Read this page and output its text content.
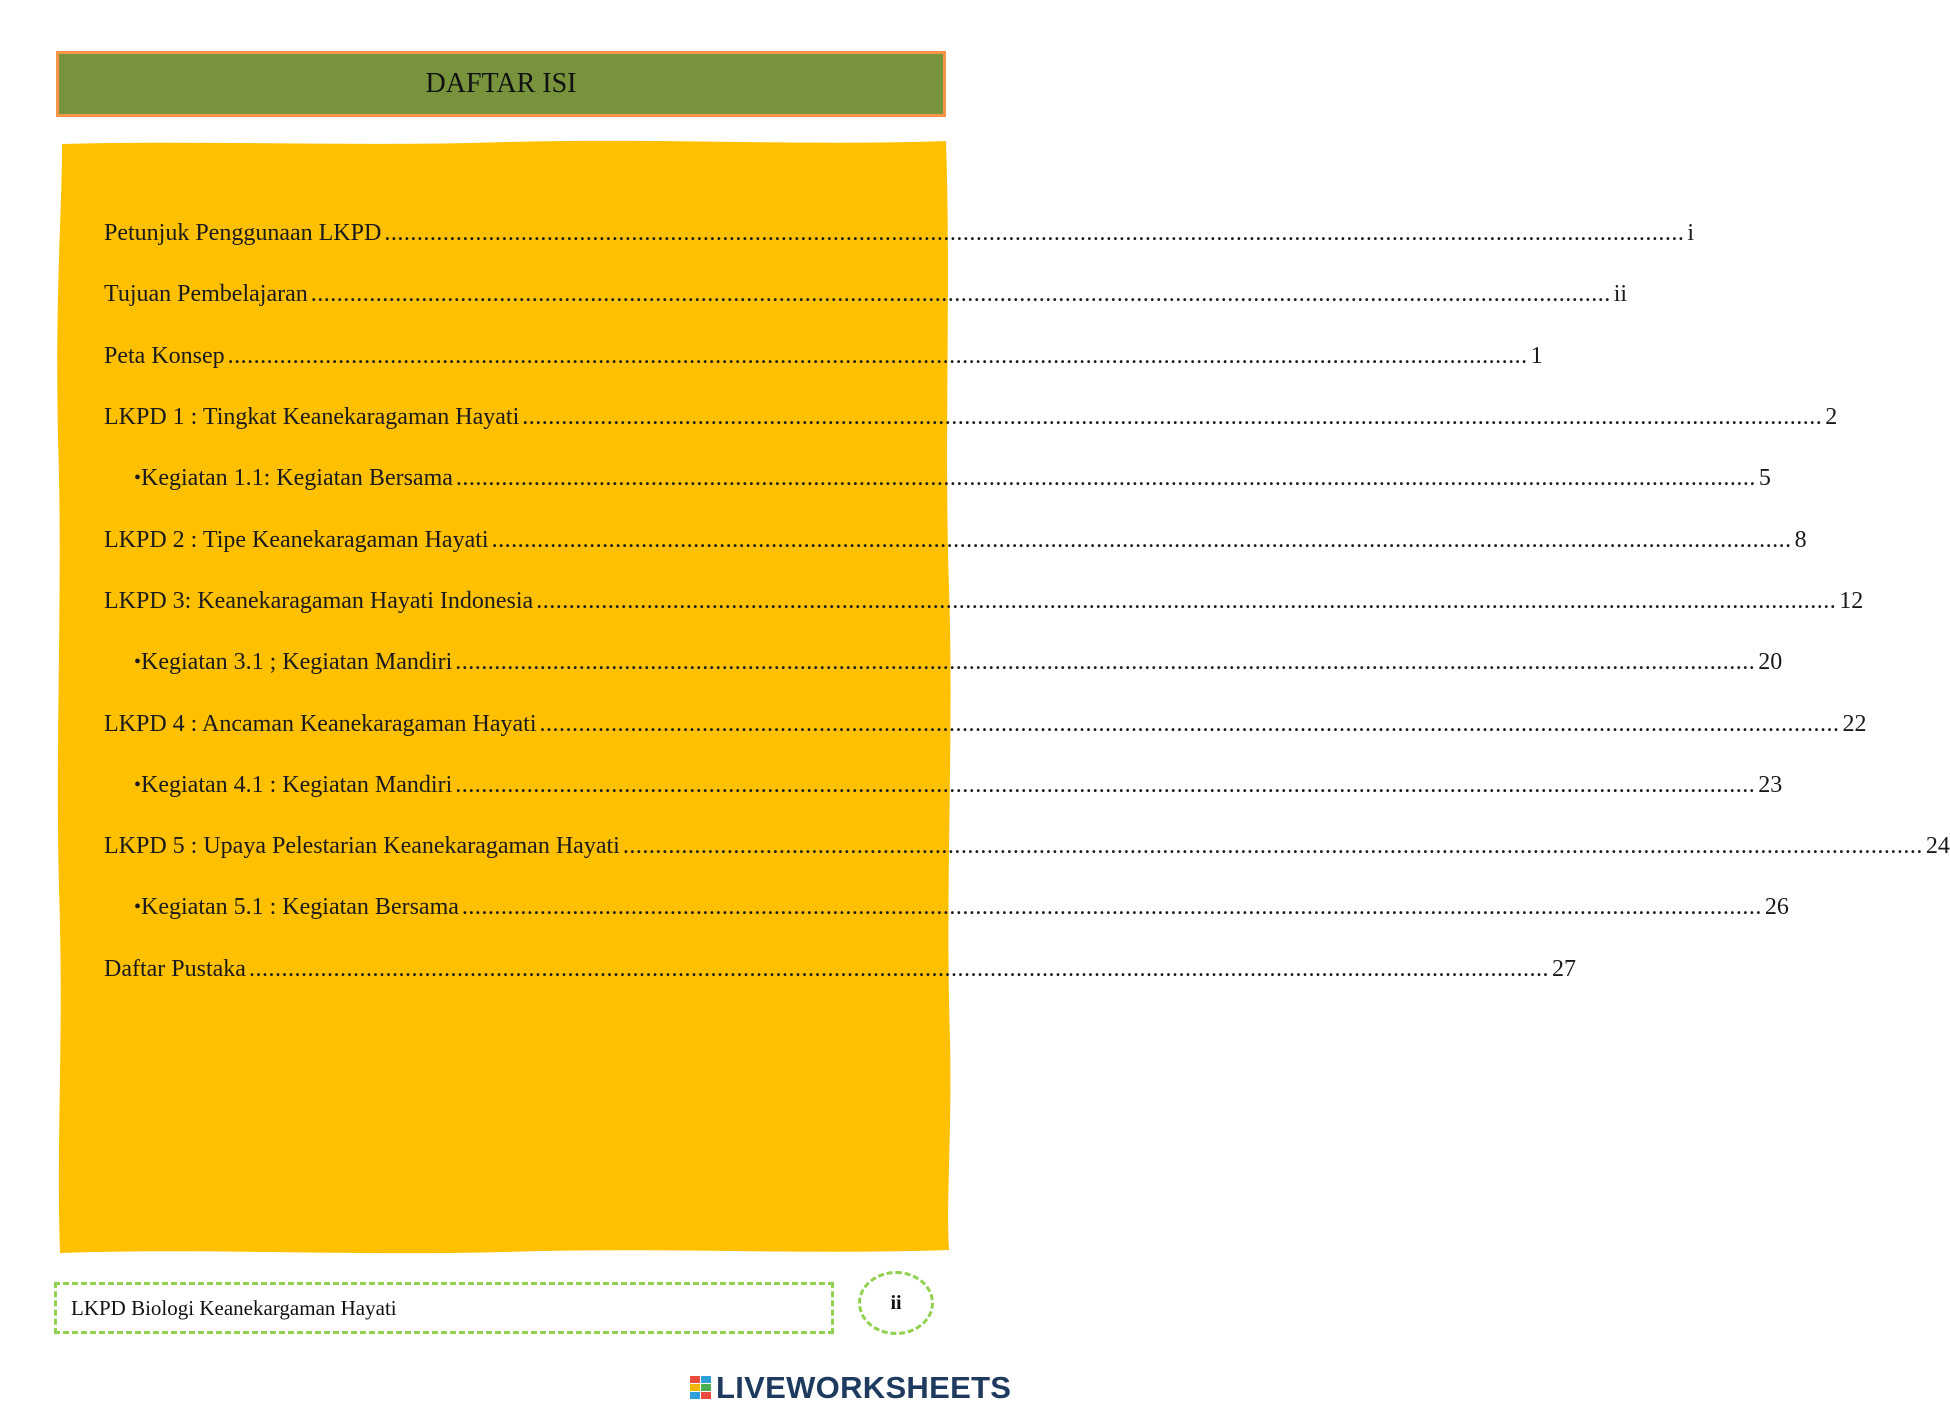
DAFTAR ISI
Petunjuk Penggunaan LKPD ........................................................................................................................................................................................................ i
Tujuan Pembelajaran ........................................................................................................................................................................................................ ii
Peta Konsep ........................................................................................................................................................................................................ 1
LKPD 1 : Tingkat Keanekaragaman Hayati ........................................................................................................................................................................................................ 2
• Kegiatan 1.1: Kegiatan Bersama ........................................................................................................................................................................................................ 5
LKPD 2 : Tipe Keanekaragaman Hayati ........................................................................................................................................................................................................ 8
LKPD 3: Keanekaragaman Hayati Indonesia ........................................................................................................................................................................................................ 12
• Kegiatan 3.1 ; Kegiatan Mandiri ........................................................................................................................................................................................................ 20
LKPD 4 : Ancaman Keanekaragaman Hayati ........................................................................................................................................................................................................ 22
• Kegiatan 4.1 : Kegiatan Mandiri ........................................................................................................................................................................................................ 23
LKPD 5 : Upaya Pelestarian Keanekaragaman Hayati ........................................................................................................................................................................................................ 24
• Kegiatan 5.1 : Kegiatan Bersama ........................................................................................................................................................................................................ 26
Daftar Pustaka ........................................................................................................................................................................................................ 27
LKPD Biologi Keanekargaman Hayati	ii
LIVEWORKSHEETS
